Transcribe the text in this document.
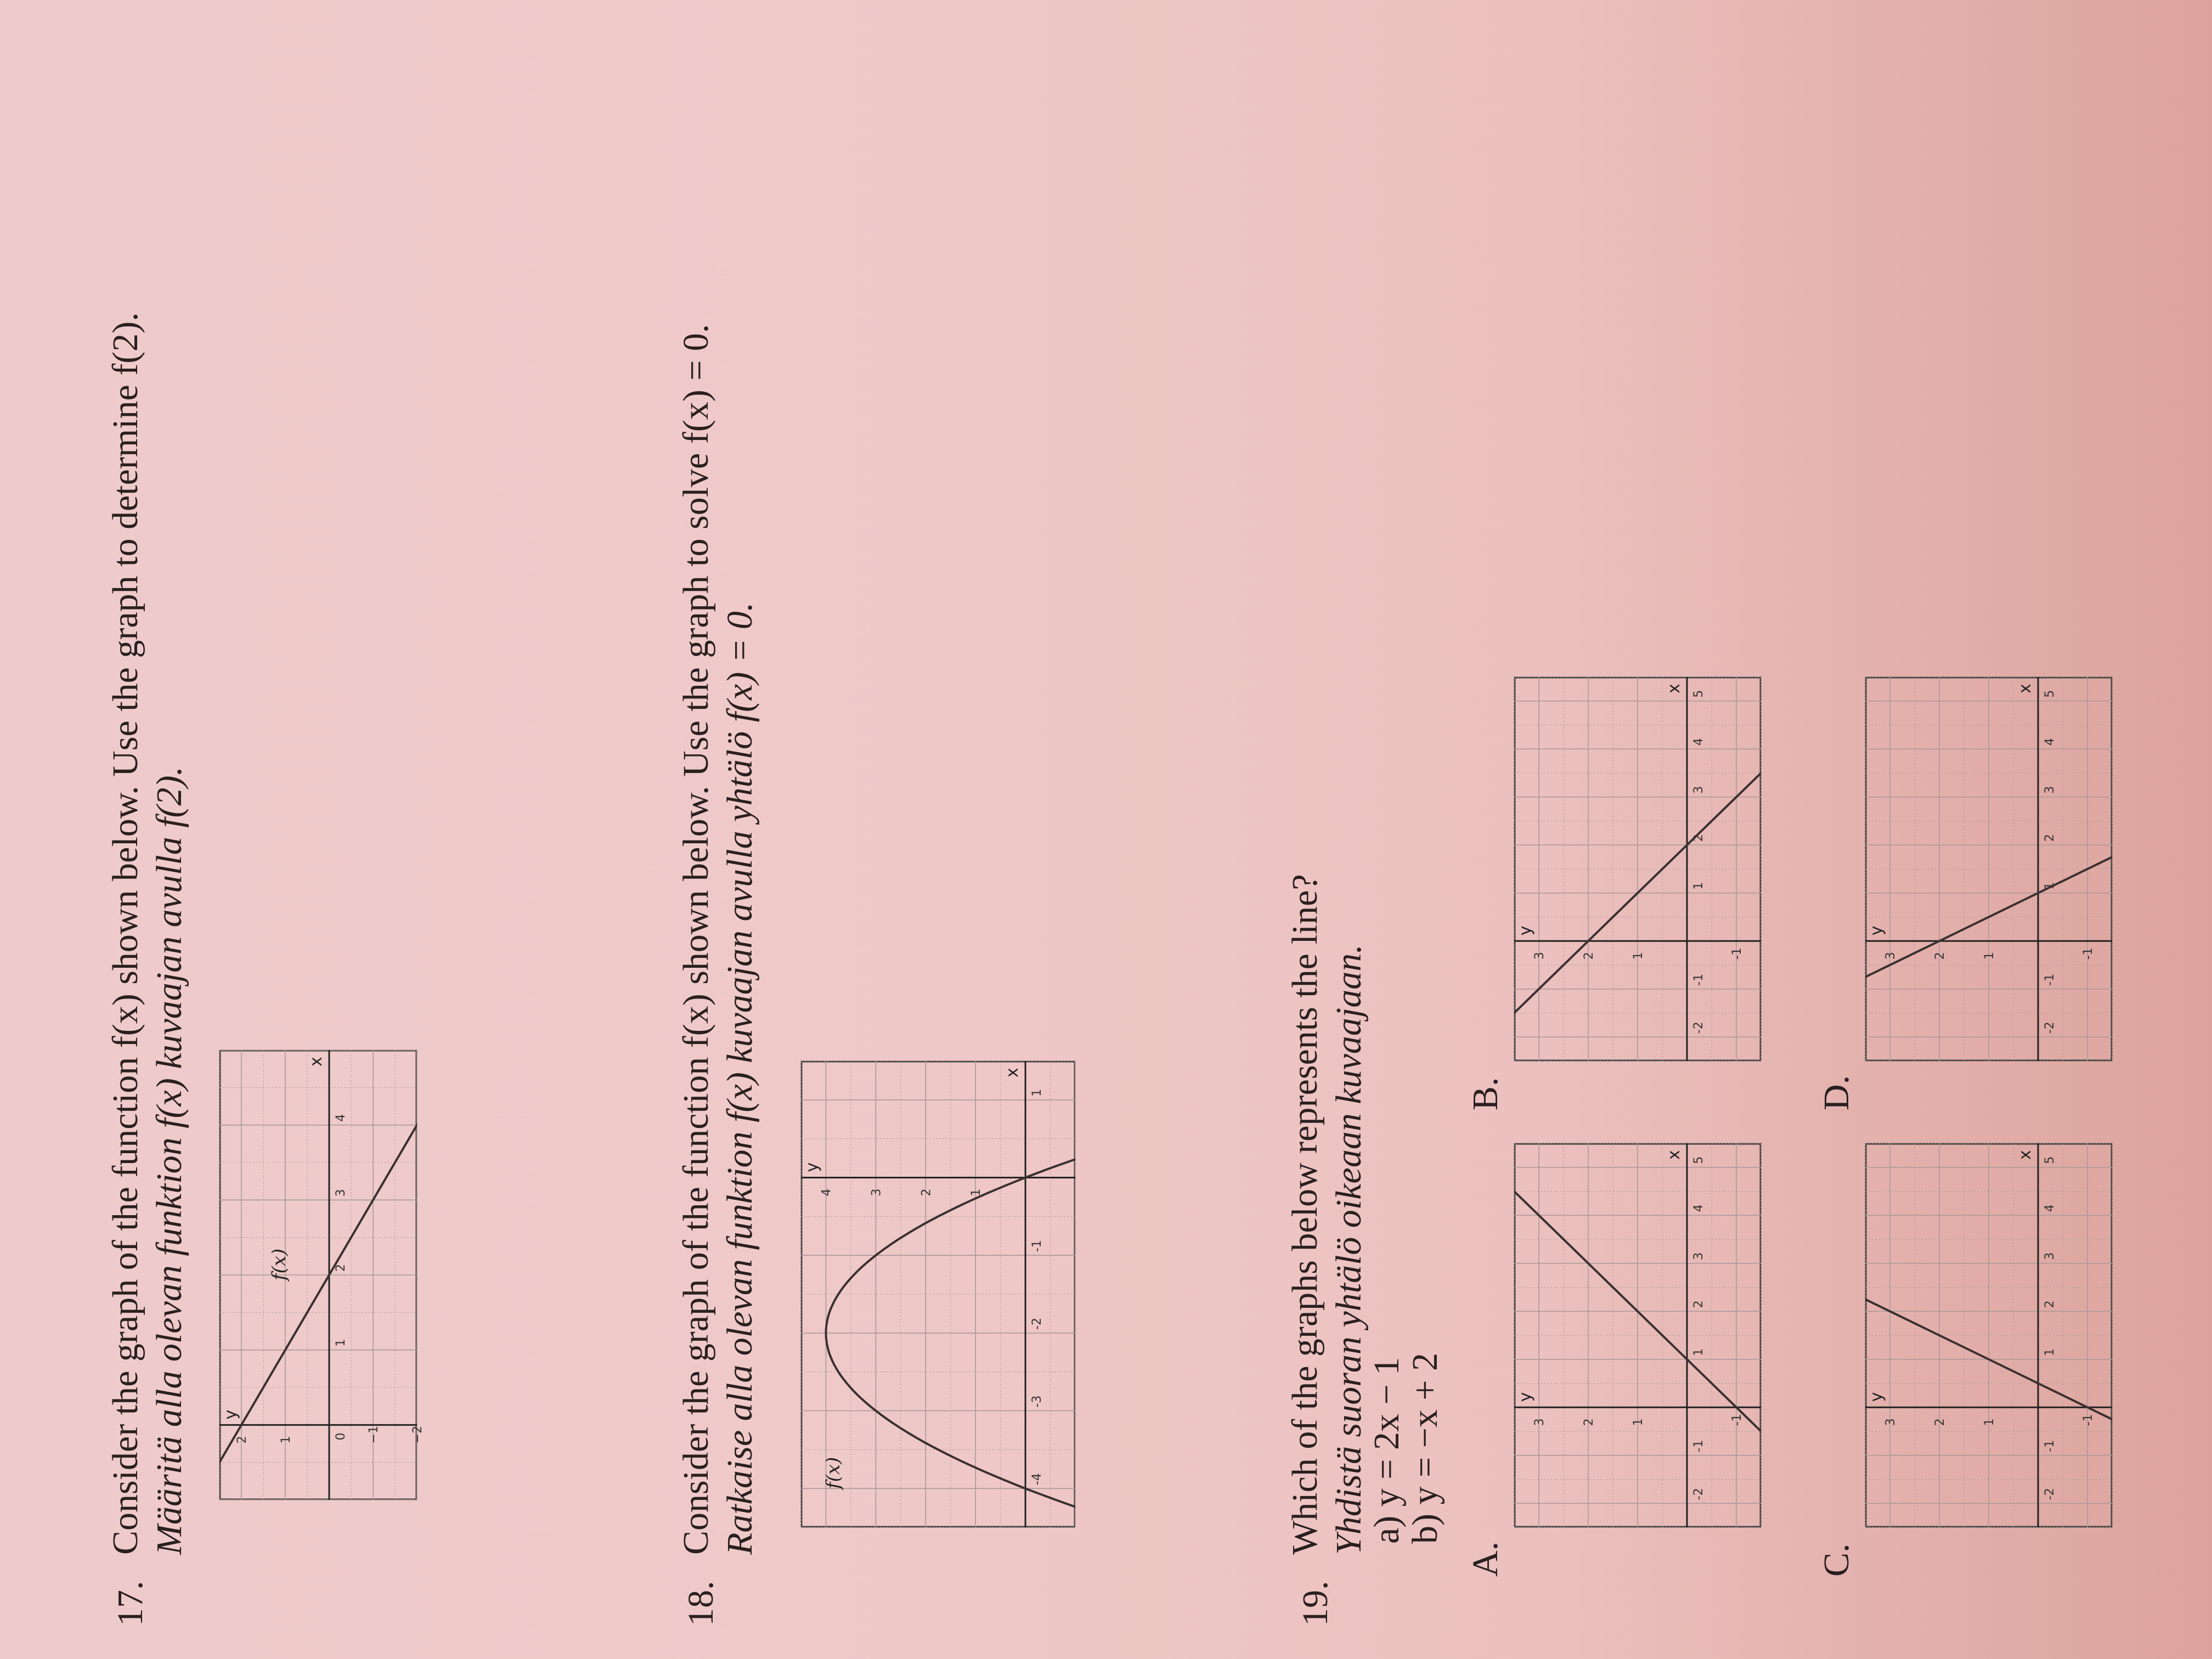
17.
Consider the graph of the function f(x) shown below. Use the graph to determine f(2). Määritä alla olevan funktion f(x) kuvaajan avulla f(2).	x
y
1
2
3
4
2	1	0 −1	−2
f(x)
18.
Consider the graph of the function f(x) shown below. Use the graph to solve f(x) = 0. Ratkaise alla olevan funktion f(x) kuvaajan avulla yhtälö f(x) = 0.	x
y
-4
-3
-2
-1
1
4	3	2	1
f(x)
19.
Which of the graphs below represents the line? Yhdistä suoran yhtälö oikeaan kuvaajaan.
a) y = 2x − 1
b) y = −x + 2
A.
B.
C.
D.
x
y
-2
-1
1
2
3
4
5
3	2	1	-1
x
y
-2
-1
1
2
3
4
5
3	2	1	-1
x
y
-2
-1
1
2
3
4
5
3	2	1	-1
x
y
-2
-1
1
2
3
4
5
3	2	1	-1
